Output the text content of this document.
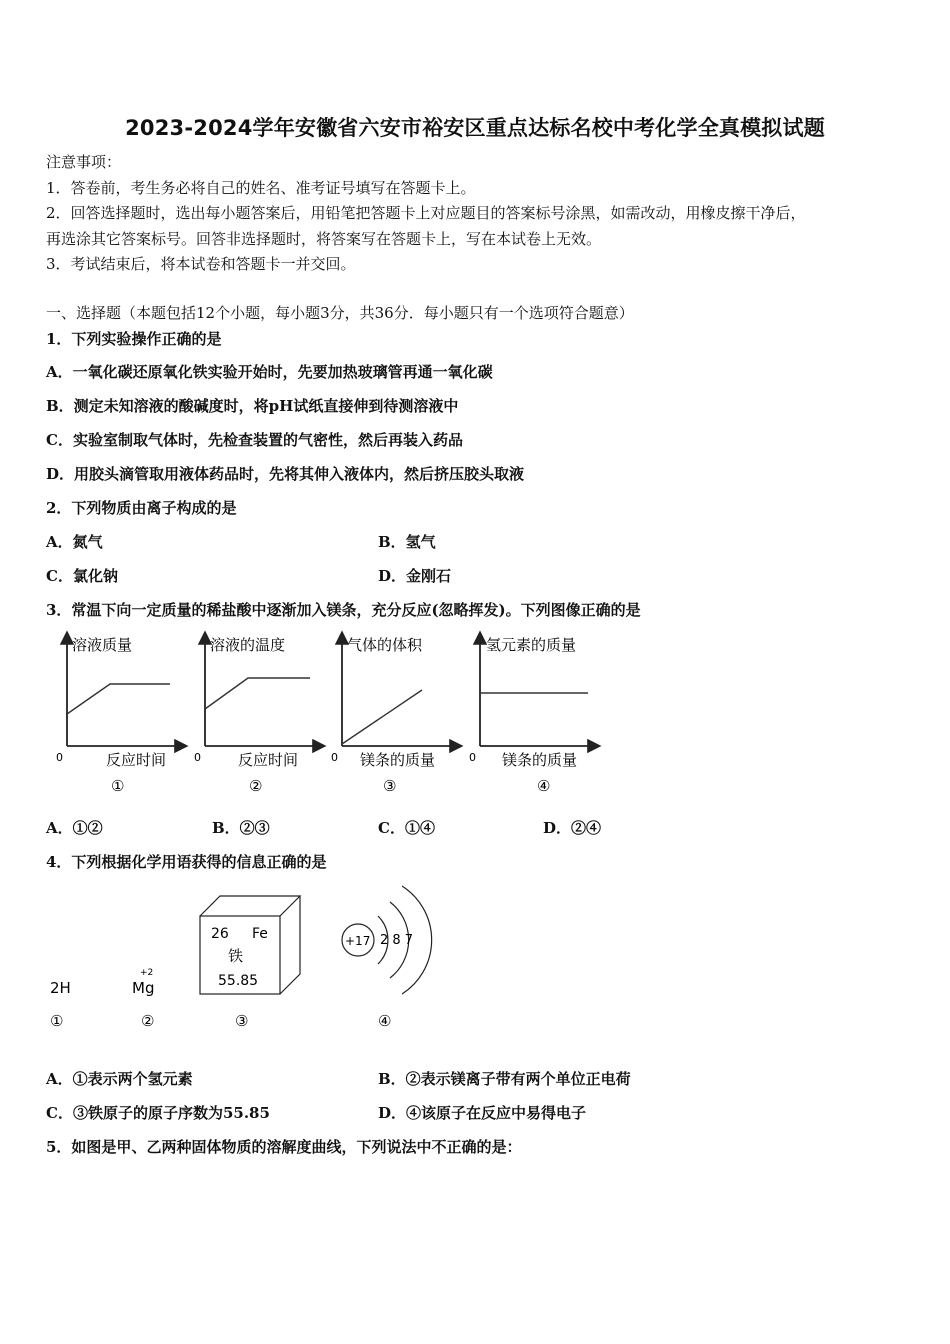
2023-2024学年安徽省六安市裕安区重点达标名校中考化学全真模拟试题
注意事项：
1．答卷前，考生务必将自己的姓名、准考证号填写在答题卡上。
2．回答选择题时，选出每小题答案后，用铅笔把答题卡上对应题目的答案标号涂黑，如需改动，用橡皮擦干净后，
再选涂其它答案标号。回答非选择题时，将答案写在答题卡上，写在本试卷上无效。
3．考试结束后，将本试卷和答题卡一并交回。
一、选择题（本题包括12个小题，每小题3分，共36分．每小题只有一个选项符合题意）
1．下列实验操作正确的是
A．一氧化碳还原氧化铁实验开始时，先要加热玻璃管再通一氧化碳
B．测定未知溶液的酸碱度时，将pH试纸直接伸到待测溶液中
C．实验室制取气体时，先检查装置的气密性，然后再装入药品
D．用胶头滴管取用液体药品时，先将其伸入液体内，然后挤压胶头取液
2．下列物质由离子构成的是
A．氮气	B．氢气
C．氯化钠	D．金刚石
3．常温下向一定质量的稀盐酸中逐渐加入镁条，充分反应(忽略挥发)。下列图像正确的是
溶液质量
反应时间
0
①
溶液的温度
反应时间
0
②
气体的体积
镁条的质量
0
③
氢元素的质量
镁条的质量
0
④
A．①②	B．②③	C．①④	D．②④
4．下列根据化学用语获得的信息正确的是
2H
+2
Mg
26 Fe
铁
55.85
+17 2 8 7
①	②	③	④
A．①表示两个氢元素	B．②表示镁离子带有两个单位正电荷
C．③铁原子的原子序数为55.85	D．④该原子在反应中易得电子
5．如图是甲、乙两种固体物质的溶解度曲线，下列说法中不正确的是：
